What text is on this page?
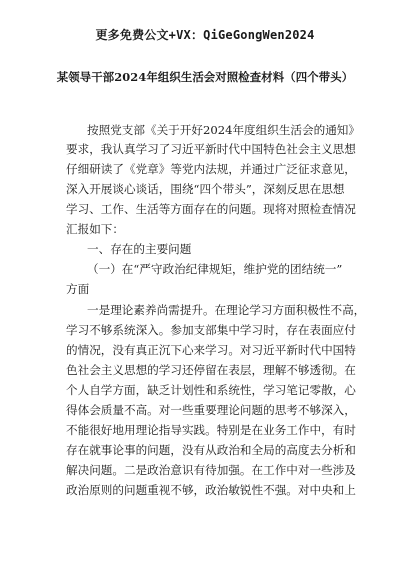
更多免费公文+VX：QiGeGongWen2024
某领导干部2024年组织生活会对照检查材料（四个带头）
按照党支部《关于开好2024年度组织生活会的通知》
要求，我认真学习了习近平新时代中国特色社会主义思想
仔细研读了《党章》等党内法规，并通过广泛征求意见，
深入开展谈心谈话，围绕“四个带头”，深刻反思在思想
学习、工作、生活等方面存在的问题。现将对照检查情况
汇报如下：
一、存在的主要问题
（一）在“严守政治纪律规矩，维护党的团结统一”
方面
一是理论素养尚需提升。在理论学习方面积极性不高，
学习不够系统深入。参加支部集中学习时，存在表面应付
的情况，没有真正沉下心来学习。对习近平新时代中国特
色社会主义思想的学习还停留在表层，理解不够透彻。在
个人自学方面，缺乏计划性和系统性，学习笔记零散，心
得体会质量不高。对一些重要理论问题的思考不够深入，
不能很好地用理论指导实践。特别是在业务工作中，有时
存在就事论事的问题，没有从政治和全局的高度去分析和
解决问题。二是政治意识有待加强。在工作中对一些涉及
政治原则的问题重视不够，政治敏锐性不强。对中央和上
